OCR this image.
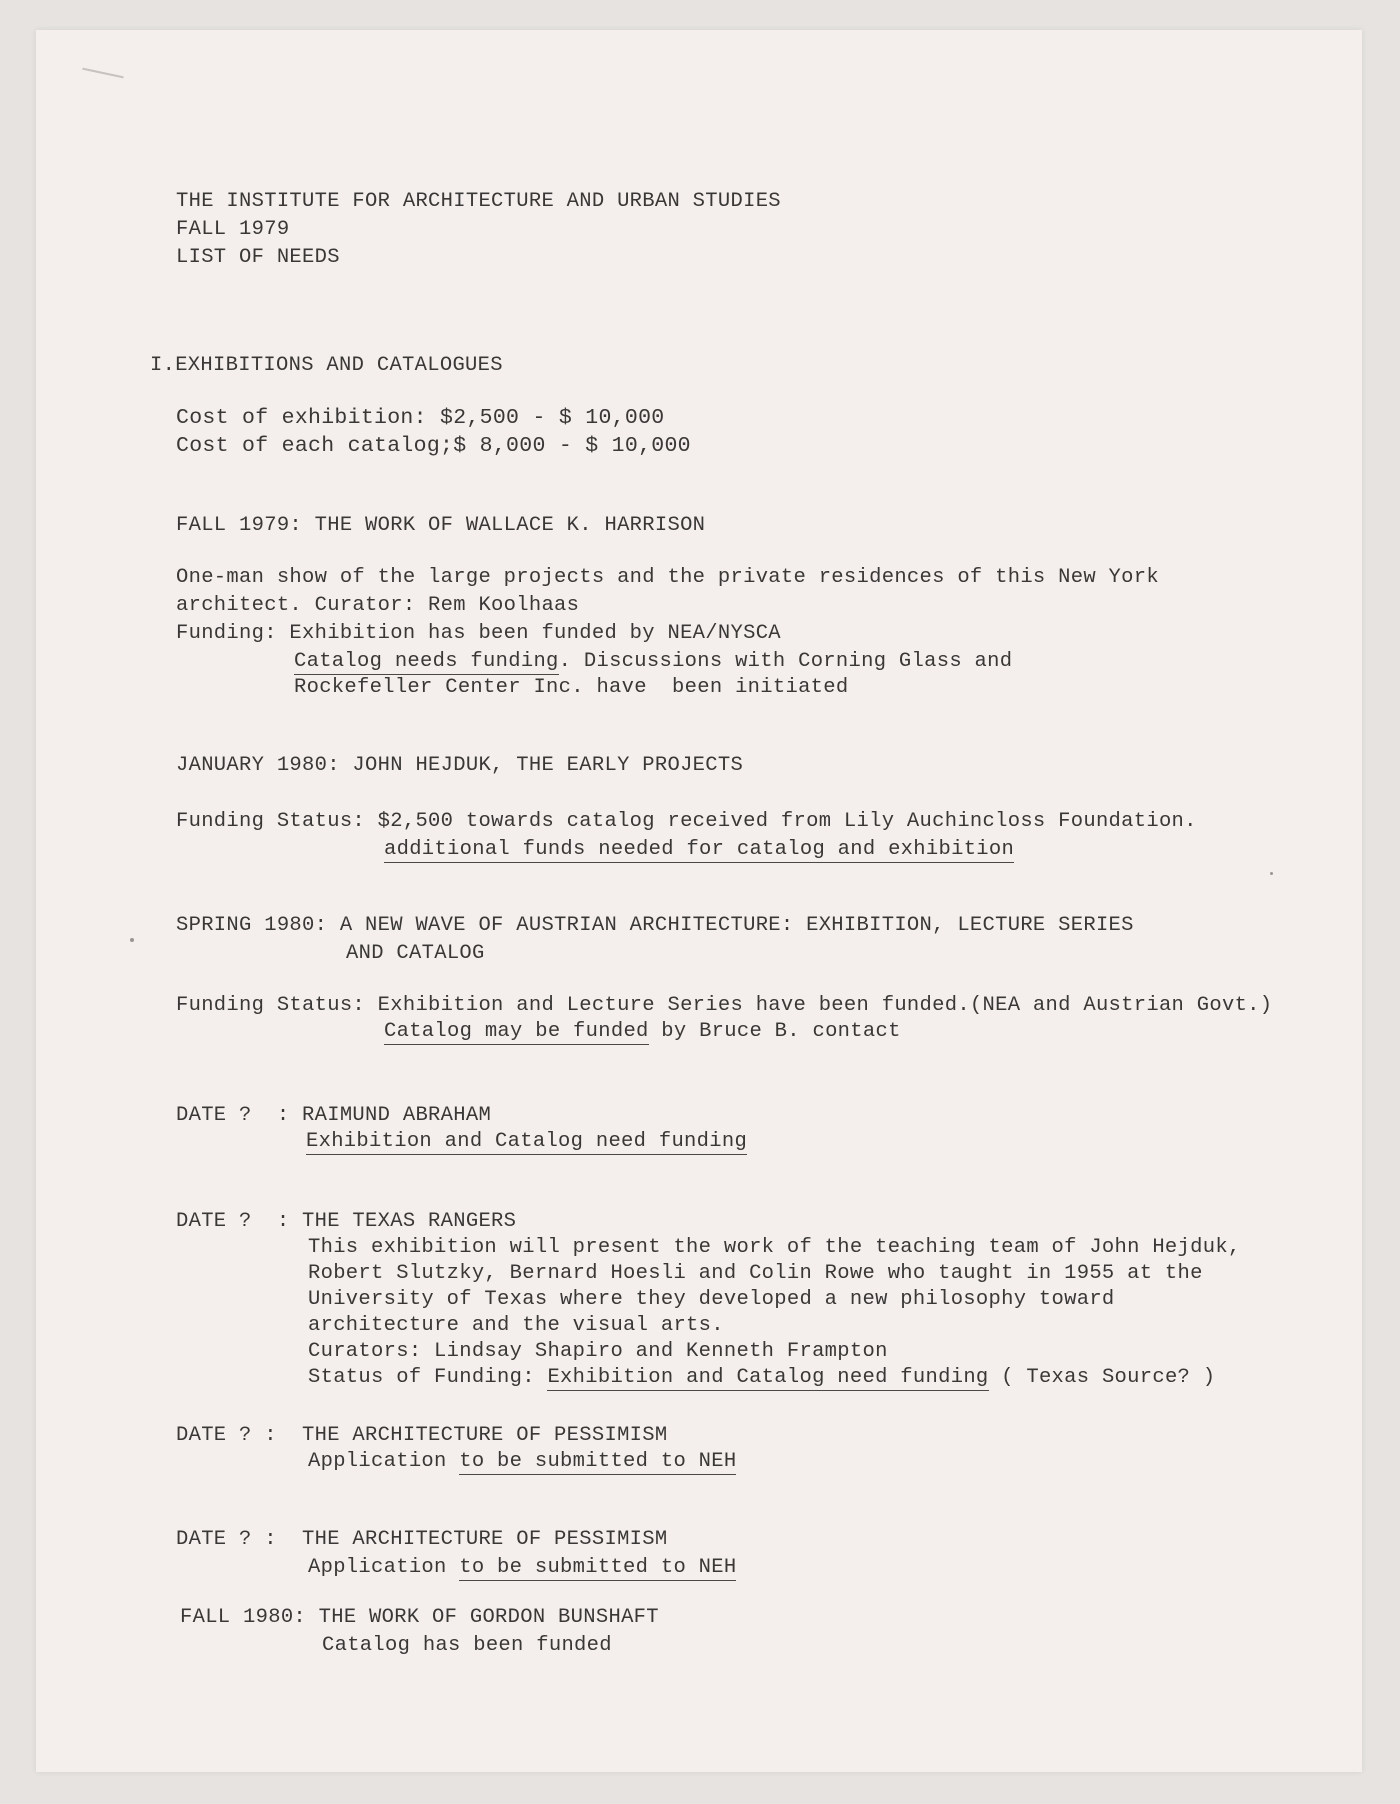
THE INSTITUTE FOR ARCHITECTURE AND URBAN STUDIES
FALL 1979
LIST OF NEEDS
I.EXHIBITIONS AND CATALOGUES
Cost of exhibition: $2,500 - $ 10,000
Cost of each catalog;$ 8,000 - $ 10,000
FALL 1979: THE WORK OF WALLACE K. HARRISON
One-man show of the large projects and the private residences of this New York
architect. Curator: Rem Koolhaas
Funding: Exhibition has been funded by NEA/NYSCA
Catalog needs funding. Discussions with Corning Glass and
Rockefeller Center Inc. have  been initiated
JANUARY 1980: JOHN HEJDUK, THE EARLY PROJECTS
Funding Status: $2,500 towards catalog received from Lily Auchincloss Foundation.
additional funds needed for catalog and exhibition
SPRING 1980: A NEW WAVE OF AUSTRIAN ARCHITECTURE: EXHIBITION, LECTURE SERIES
AND CATALOG
Funding Status: Exhibition and Lecture Series have been funded.(NEA and Austrian Govt.)
Catalog may be funded by Bruce B. contact
DATE ?  : RAIMUND ABRAHAM
Exhibition and Catalog need funding
DATE ?  : THE TEXAS RANGERS
This exhibition will present the work of the teaching team of John Hejduk,
Robert Slutzky, Bernard Hoesli and Colin Rowe who taught in 1955 at the
University of Texas where they developed a new philosophy toward
architecture and the visual arts.
Curators: Lindsay Shapiro and Kenneth Frampton
Status of Funding: Exhibition and Catalog need funding ( Texas Source? )
DATE ? :  THE ARCHITECTURE OF PESSIMISM
Application to be submitted to NEH
DATE ? :  THE ARCHITECTURE OF PESSIMISM
Application to be submitted to NEH
FALL 1980: THE WORK OF GORDON BUNSHAFT
Catalog has been funded
